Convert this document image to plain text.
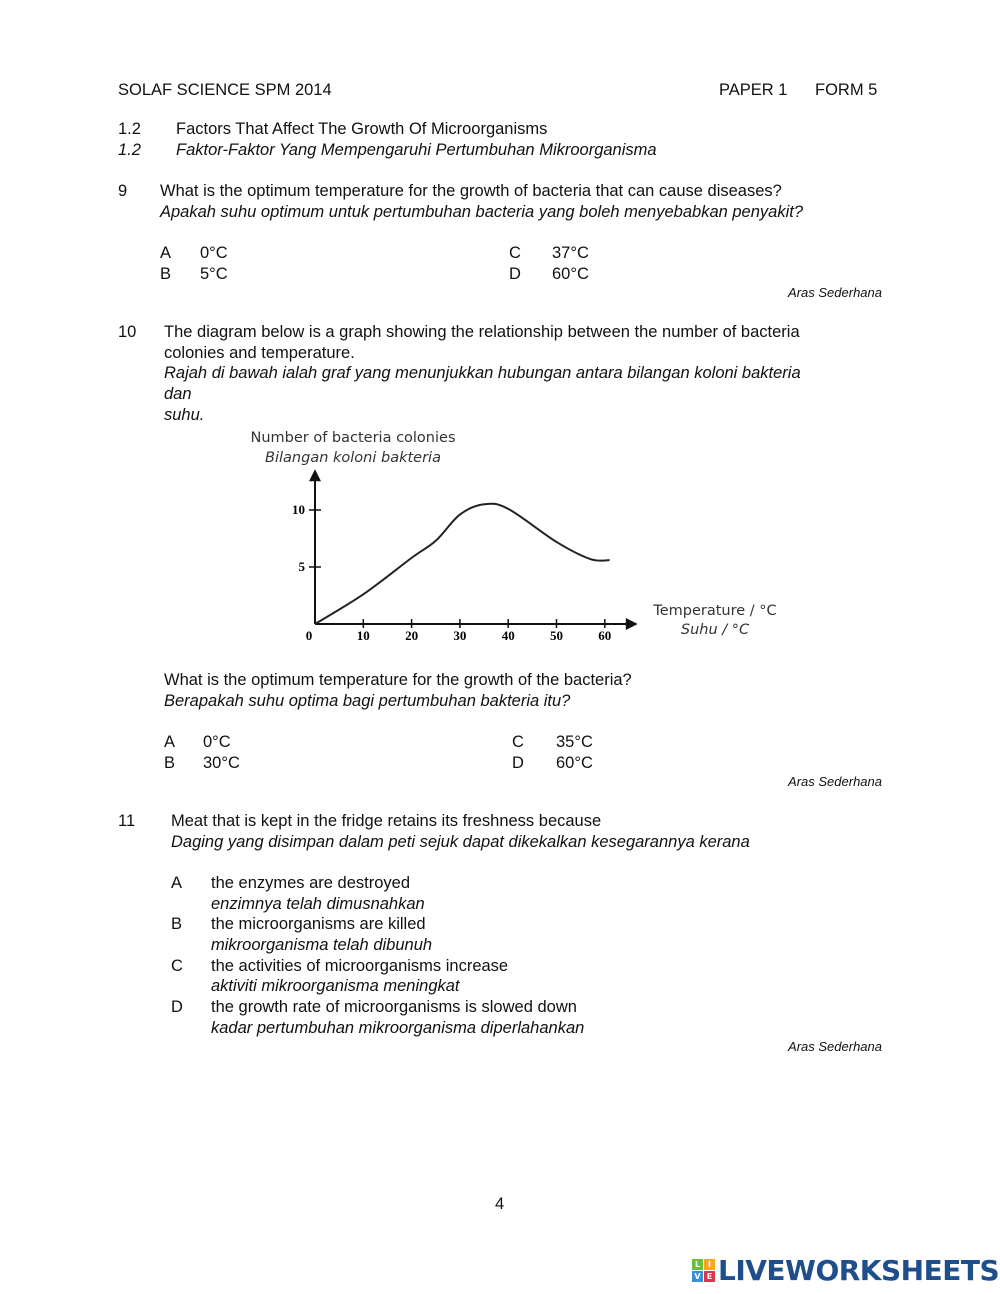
SOLAF SCIENCE SPM 2014	PAPER 1 FORM 5
1.2 Factors That Affect The Growth Of Microorganisms
1.2 Faktor-Faktor Yang Mempengaruhi Pertumbuhan Mikroorganisma
9 What is the optimum temperature for the growth of bacteria that can cause diseases?
Apakah suhu optimum untuk pertumbuhan bacteria yang boleh menyebabkan penyakit?
A 0°C
B 5°C
C 37°C
D 60°C
Aras Sederhana
10 The diagram below is a graph showing the relationship between the number of bacteria
colonies and temperature.
Rajah di bawah ialah graf yang menunjukkan hubungan antara bilangan koloni bakteria
dan
suhu.
Number of bacteria colonies
Bilangan koloni bakteria
Temperature / °C
Suhu / °C
0	10	20	30	40	50	60
5
10
What is the optimum temperature for the growth of the bacteria?
Berapakah suhu optima bagi pertumbuhan bakteria itu?
A 0°C
B 30°C
C 35°C
D 60°C
Aras Sederhana
11 Meat that is kept in the fridge retains its freshness because
Daging yang disimpan dalam peti sejuk dapat dikekalkan kesegarannya kerana
A the enzymes are destroyed
enzimnya telah dimusnahkan
B the microorganisms are killed
mikroorganisma telah dibunuh
C the activities of microorganisms increase
aktiviti mikroorganisma meningkat
D the growth rate of microorganisms is slowed down
kadar pertumbuhan mikroorganisma diperlahankan
Aras Sederhana
4
L I
V E LIVEWORKSHEETS
